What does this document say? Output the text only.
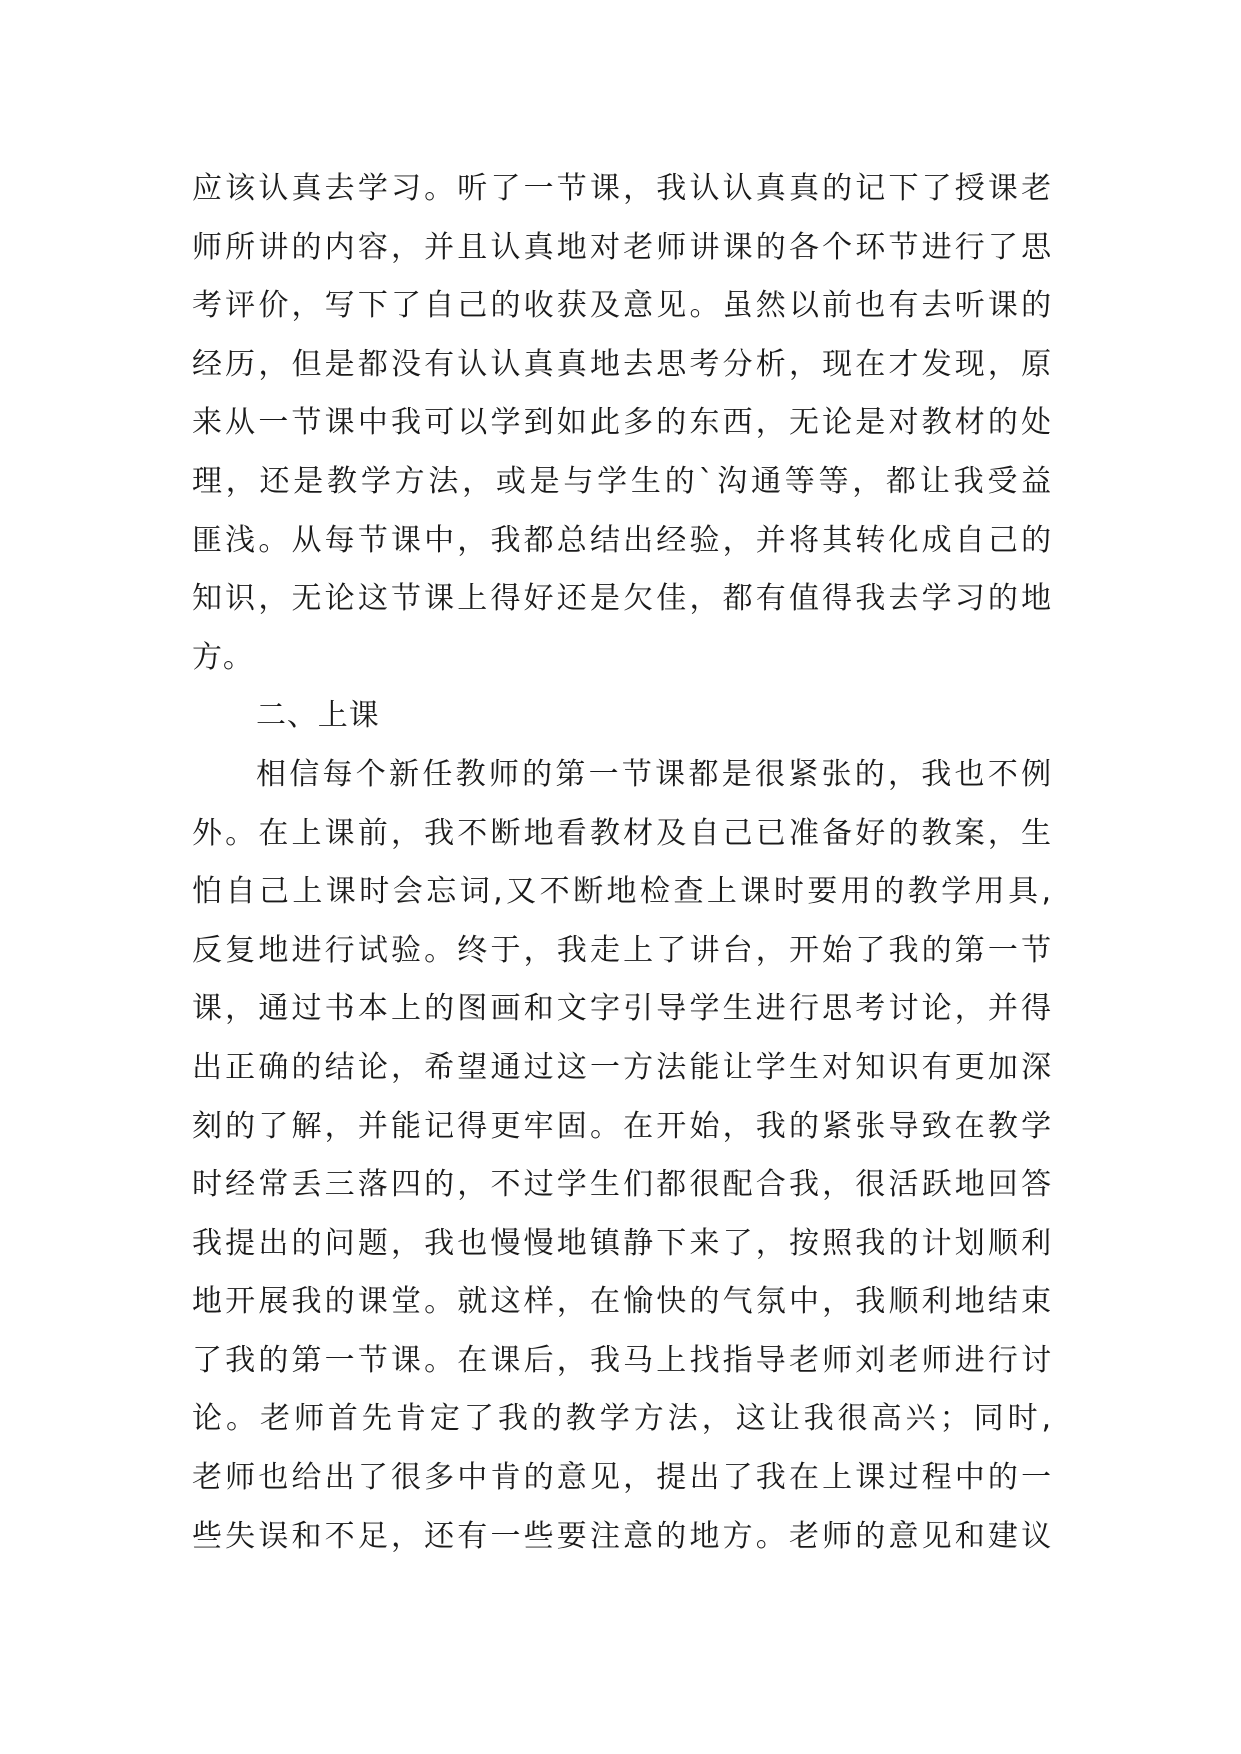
应该认真去学习。听了一节课，我认认真真的记下了授课老
师所讲的内容，并且认真地对老师讲课的各个环节进行了思
考评价，写下了自己的收获及意见。虽然以前也有去听课的
经历，但是都没有认认真真地去思考分析，现在才发现，原
来从一节课中我可以学到如此多的东西，无论是对教材的处
理，还是教学方法，或是与学生的`沟通等等，都让我受益
匪浅。从每节课中，我都总结出经验，并将其转化成自己的
知识，无论这节课上得好还是欠佳，都有值得我去学习的地
方。
二、上课
相信每个新任教师的第一节课都是很紧张的，我也不例
外。在上课前，我不断地看教材及自己已准备好的教案，生
怕自己上课时会忘词,又不断地检查上课时要用的教学用具,
反复地进行试验。终于，我走上了讲台，开始了我的第一节
课，通过书本上的图画和文字引导学生进行思考讨论，并得
出正确的结论，希望通过这一方法能让学生对知识有更加深
刻的了解，并能记得更牢固。在开始，我的紧张导致在教学
时经常丢三落四的，不过学生们都很配合我，很活跃地回答
我提出的问题，我也慢慢地镇静下来了，按照我的计划顺利
地开展我的课堂。就这样，在愉快的气氛中，我顺利地结束
了我的第一节课。在课后，我马上找指导老师刘老师进行讨
论。老师首先肯定了我的教学方法，这让我很高兴；同时,
老师也给出了很多中肯的意见，提出了我在上课过程中的一
些失误和不足，还有一些要注意的地方。老师的意见和建议
